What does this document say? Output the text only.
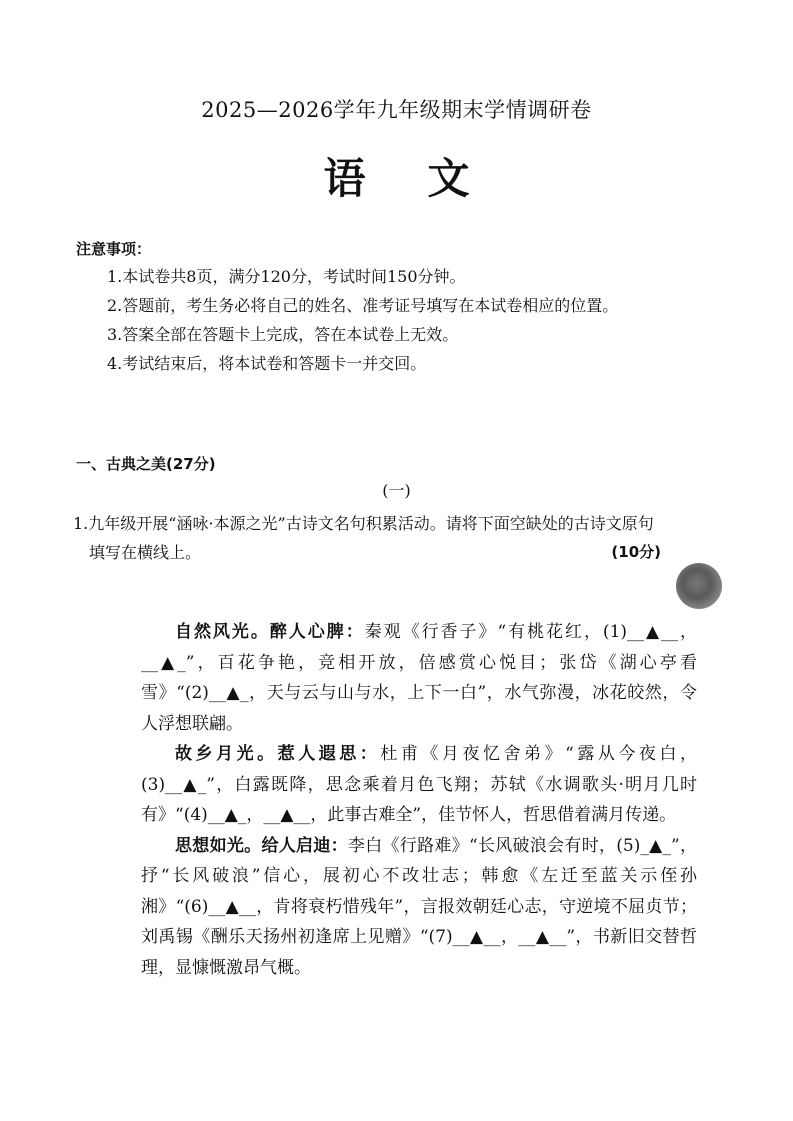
2025—2026学年九年级期末学情调研卷
语文
注意事项：
1.本试卷共8页，满分120分，考试时间150分钟。
2.答题前，考生务必将自己的姓名、准考证号填写在本试卷相应的位置。
3.答案全部在答题卡上完成，答在本试卷上无效。
4.考试结束后，将本试卷和答题卡一并交回。
一、古典之美(27分)
(一)
1.九年级开展“涵咏·本源之光”古诗文名句积累活动。请将下面空缺处的古诗文原句
填写在横线上。	(10分)

自然风光。醉人心脾：秦观《行香子》“有桃花红，(1)__▲__，__▲_”，百花争艳，竞相开放，倍感赏心悦目；张岱《湖心亭看雪》“(2)__▲_，天与云与山与水，上下一白”，水气弥漫，冰花皎然，令人浮想联翩。

故乡月光。惹人遐思：杜甫《月夜忆舍弟》“露从今夜白，(3)__▲_”，白露既降，思念乘着月色飞翔；苏轼《水调歌头·明月几时有》“(4)__▲_，__▲__，此事古难全”，佳节怀人，哲思借着满月传递。

思想如光。给人启迪：李白《行路难》“长风破浪会有时，(5)_▲_”，抒“长风破浪”信心，展初心不改壮志；韩愈《左迁至蓝关示侄孙湘》“(6)__▲__，肯将衰朽惜残年”，言报效朝廷心志，守逆境不屈贞节；刘禹锡《酬乐天扬州初逢席上见赠》“(7)__▲__，__▲__”，书新旧交替哲理，显慷慨激昂气概。
